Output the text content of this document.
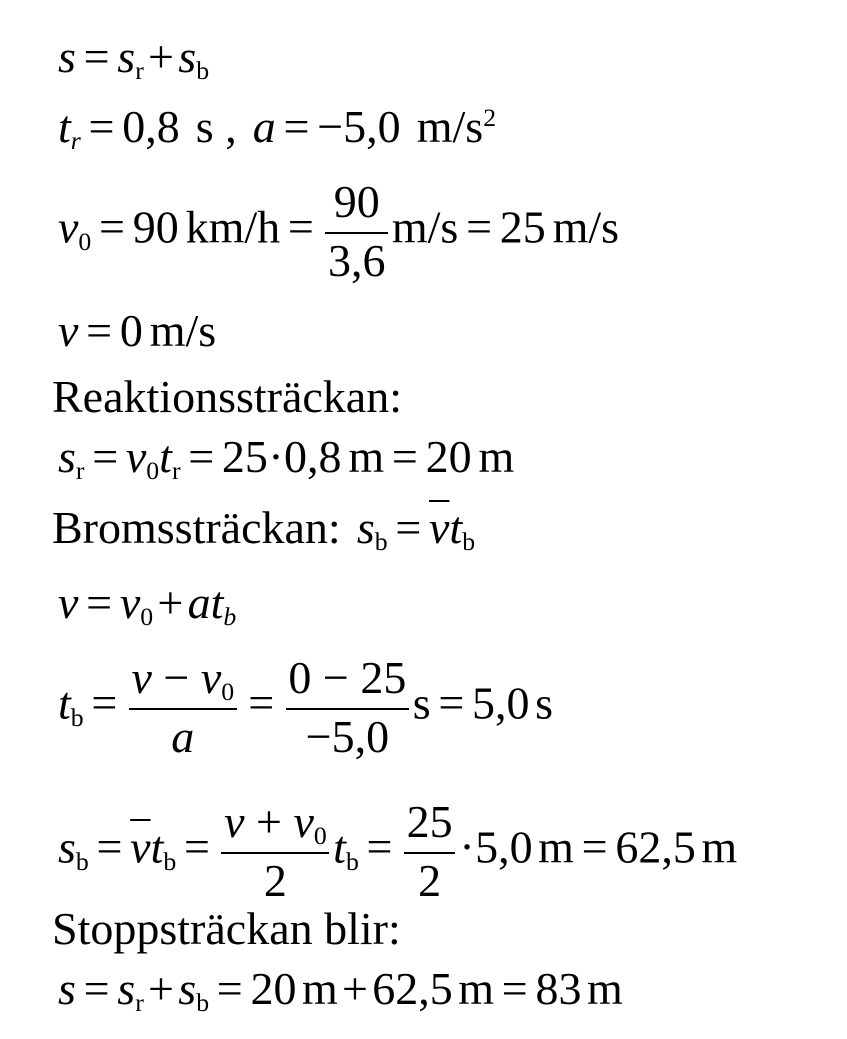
$s = s_r+s_b$
$t_r = 0,8$ s , a = −5,0 $m/s^2$
$v_0 = 90$ $km/h = \frac{90}{3,6} m/s = 25$ m/s
v = 0 m/s
Reaktionssträckan:
$s_r = v_0t_r = 25\cdot 0,8$ m = 20 m
Bromssträckan: $s_b = \overline{v}t_b$
$v = v_0+at_b$
$t_b = \frac{v - v_0}{a} = \frac{0 - 25}{-5,0}$ s = 5,0 s
$s_b = \overline{v}t_b = \frac{v + v_0}{2} t_b = \frac{25}{2} \cdot 5,0$ m = 62,5 m
Stoppsträckan blir:
$s = s_r+s_b = 20$ m+62,5 m = 83 m
